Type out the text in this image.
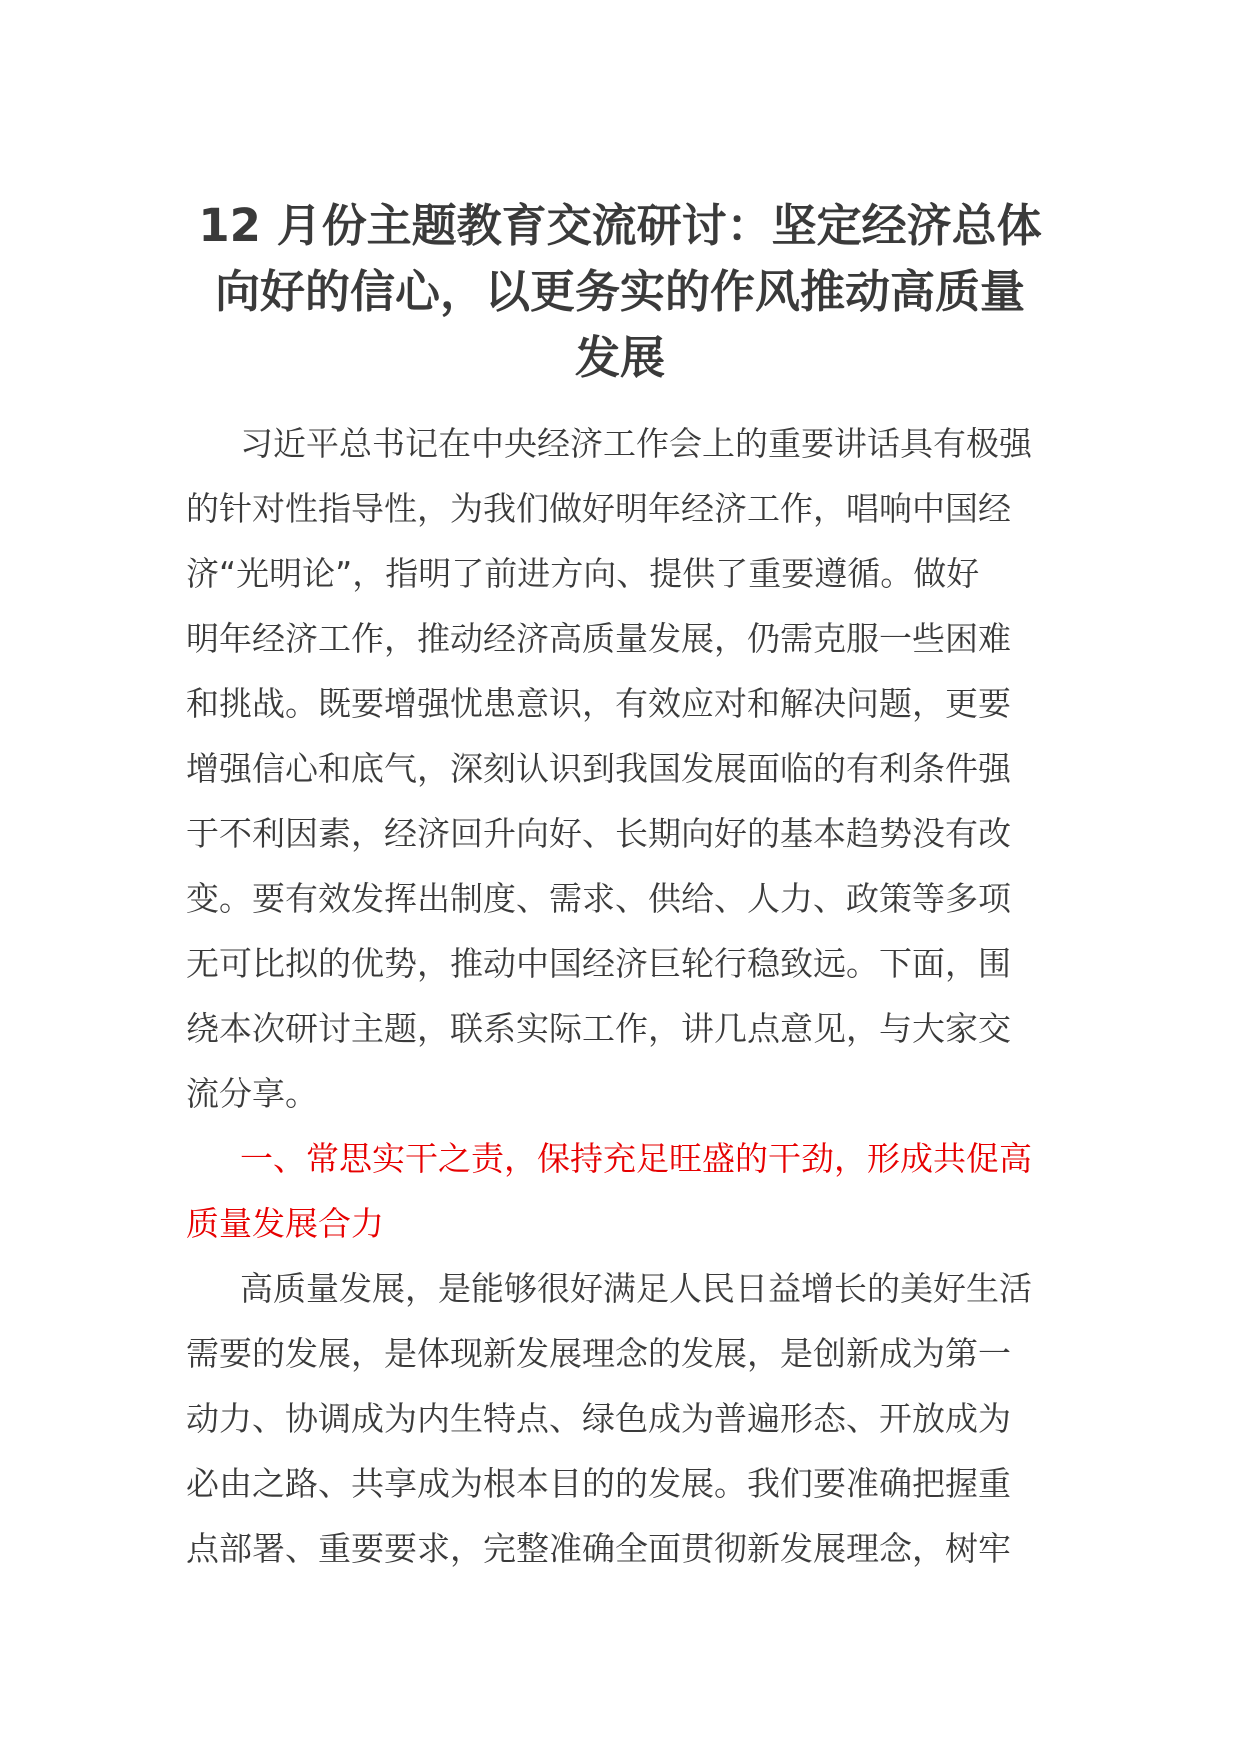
12 月份主题教育交流研讨：坚定经济总体
向好的信心，以更务实的作风推动高质量
发展

习近平总书记在中央经济工作会上的重要讲话具有极强
的针对性指导性，为我们做好明年经济工作，唱响中国经
济“光明论”，指明了前进方向、提供了重要遵循。做好
明年经济工作，推动经济高质量发展，仍需克服一些困难
和挑战。既要增强忧患意识，有效应对和解决问题，更要
增强信心和底气，深刻认识到我国发展面临的有利条件强
于不利因素，经济回升向好、长期向好的基本趋势没有改
变。要有效发挥出制度、需求、供给、人力、政策等多项
无可比拟的优势，推动中国经济巨轮行稳致远。下面，围
绕本次研讨主题，联系实际工作，讲几点意见，与大家交
流分享。

一、常思实干之责，保持充足旺盛的干劲，形成共促高
质量发展合力

高质量发展，是能够很好满足人民日益增长的美好生活
需要的发展，是体现新发展理念的发展，是创新成为第一
动力、协调成为内生特点、绿色成为普遍形态、开放成为
必由之路、共享成为根本目的的发展。我们要准确把握重
点部署、重要要求，完整准确全面贯彻新发展理念，树牢
